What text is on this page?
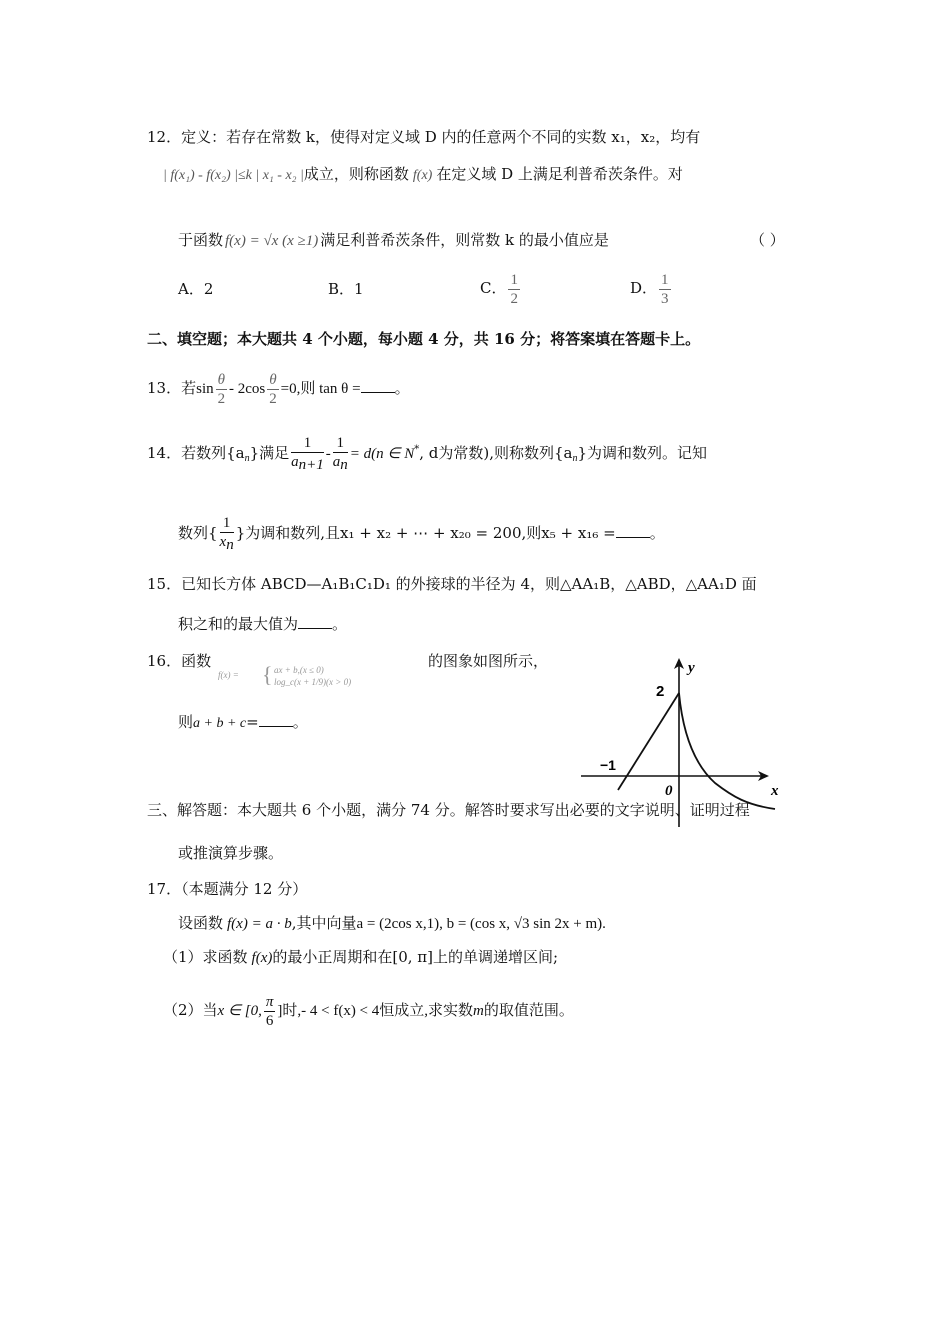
12．定义：若存在常数 k，使得对定义域 D 内的任意两个不同的实数 x₁，x₂，均有
| f(x₁) - f(x₂) |≤k | x₁ - x₂ |成立，则称函数 f(x) 在定义域 D 上满足利普希茨条件。对
于函数 f(x) = √x (x ≥1) 满足利普希茨条件，则常数 k 的最小值应是	（ ）
A．2	B．1	C． $\frac{1}{2}$	D． $\frac{1}{3}$
二、填空题；本大题共 4 个小题，每小题 4 分，共 16 分；将答案填在答题卡上。
13．若$\sin \frac{\theta}{2} - 2\cos \frac{\theta}{2} =0$,则 tan θ = 。
14．若数列$\{a_n\}$满足 $\frac{1}{an+1} - \frac{1}{an} = d(n$ ∈ N*, d为常数),则称数列$\{a_n\}$为调和数列。记知
数列{ $\frac{1}{xn}$ }为调和数列,且x₁ + x₂ + ⋯ + x₂₀ = 200,则x₅ + x₁₆ = 。
15．已知长方体 ABCD—A₁B₁C₁D₁ 的外接球的半径为 4，则△AA₁B，△ABD，△AA₁D 面
积之和的最大值为 。
16．函数
f(x) = { ax + b,(x ≤ 0)
log_c(x + 1/9)(x > 0)
的图象如图所示，
则a + b + c= 。
y
x
2
−1
0
三、解答题：本大题共 6 个小题，满分 74 分。解答时要求写出必要的文字说明、证明过程
或推演算步骤。
17．（本题满分 12 分）
设函数 f(x) = a · b,其中向量a = (2cos x,1), b = (cos x, √3 sin 2x + m).
（1）求函数 f(x)的最小正周期和在[0, π]上的单调递增区间;
（2）当x ∈ [0, $\frac{\pi}{6}$ ]时,- 4 < f(x) < 4恒成立,求实数m的取值范围。
